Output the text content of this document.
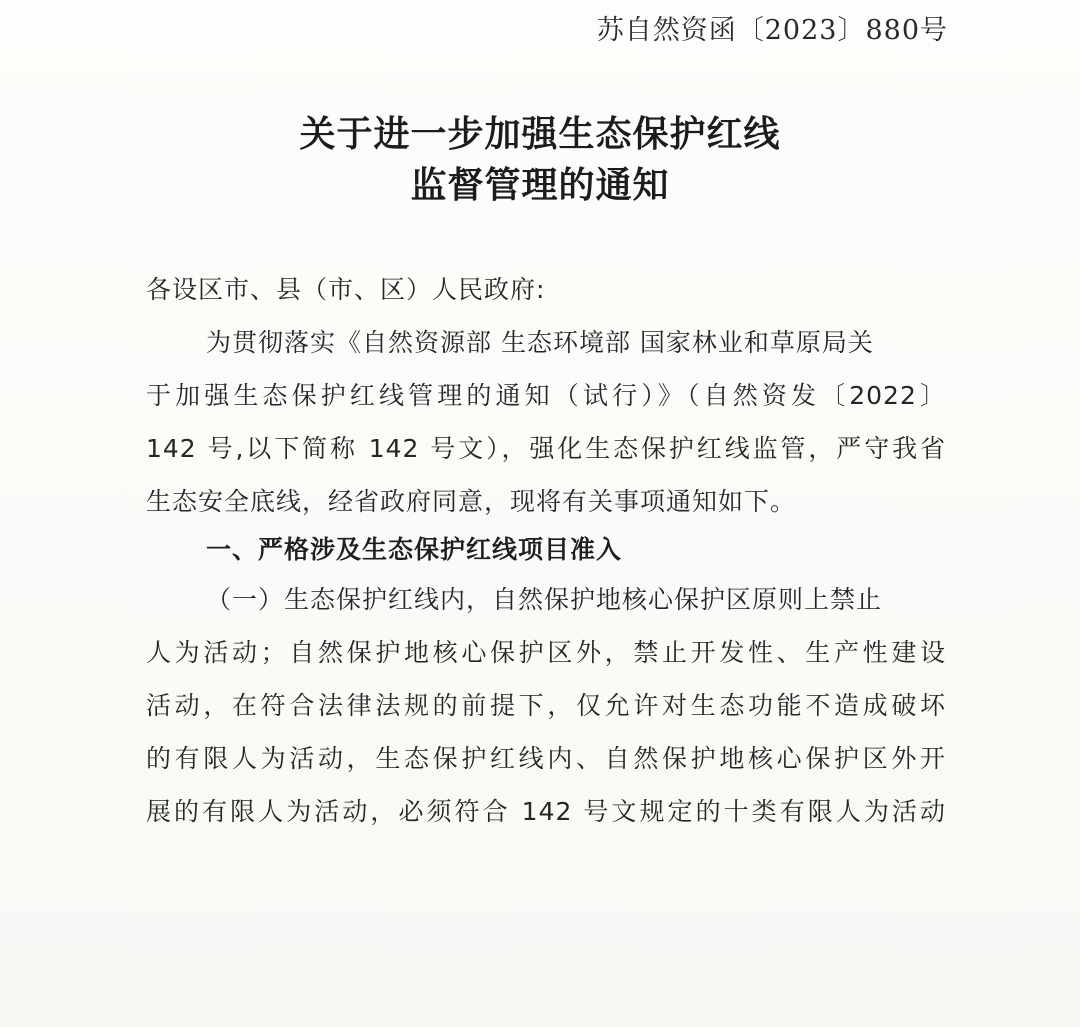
苏自然资函〔2023〕880号
关于进一步加强生态保护红线
监督管理的通知
各设区市、县（市、区）人民政府:
为贯彻落实《自然资源部 生态环境部 国家林业和草原局关
于加强生态保护红线管理的通知（试行）》（自然资发〔2022〕
142 号,以下简称 142 号文），强化生态保护红线监管，严守我省
生态安全底线，经省政府同意，现将有关事项通知如下。
一、严格涉及生态保护红线项目准入
（一）生态保护红线内，自然保护地核心保护区原则上禁止
人为活动；自然保护地核心保护区外，禁止开发性、生产性建设
活动，在符合法律法规的前提下，仅允许对生态功能不造成破坏
的有限人为活动，生态保护红线内、自然保护地核心保护区外开
展的有限人为活动，必须符合 142 号文规定的十类有限人为活动
